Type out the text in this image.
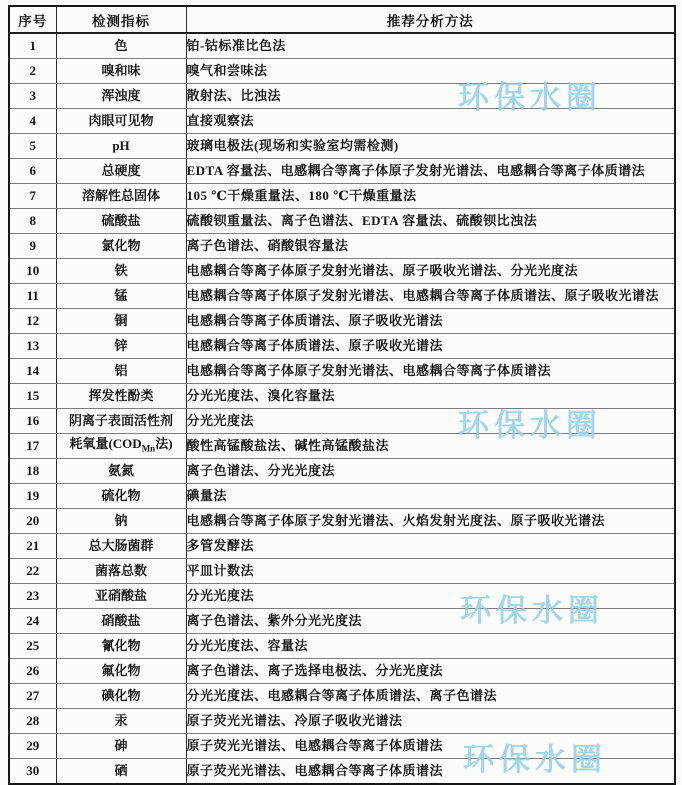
序号	检测指标	推荐分析方法
1	色	铂-钴标准比色法
2	嗅和味	嗅气和尝味法
3	浑浊度	散射法、比浊法
4	肉眼可见物	直接观察法
5	pH	玻璃电极法(现场和实验室均需检测)
6	总硬度	EDTA 容量法、电感耦合等离子体原子发射光谱法、电感耦合等离子体质谱法
7	溶解性总固体	105 ℃干燥重量法、180 ℃干燥重量法
8	硫酸盐	硫酸钡重量法、离子色谱法、EDTA 容量法、硫酸钡比浊法
9	氯化物	离子色谱法、硝酸银容量法
10	铁	电感耦合等离子体原子发射光谱法、原子吸收光谱法、分光光度法
11	锰	电感耦合等离子体原子发射光谱法、电感耦合等离子体质谱法、原子吸收光谱法
12	铜	电感耦合等离子体质谱法、原子吸收光谱法
13	锌	电感耦合等离子体质谱法、原子吸收光谱法
14	铝	电感耦合等离子体原子发射光谱法、电感耦合等离子体质谱法
15	挥发性酚类	分光光度法、溴化容量法
16	阴离子表面活性剂	分光光度法
17	耗氧量($COD_{Mn}$法)	酸性高锰酸盐法、碱性高锰酸盐法
18	氨氮	离子色谱法、分光光度法
19	硫化物	碘量法
20	钠	电感耦合等离子体原子发射光谱法、火焰发射光度法、原子吸收光谱法
21	总大肠菌群	多管发酵法
22	菌落总数	平皿计数法
23	亚硝酸盐	分光光度法
24	硝酸盐	离子色谱法、紫外分光光度法
25	氰化物	分光光度法、容量法
26	氟化物	离子色谱法、离子选择电极法、分光光度法
27	碘化物	分光光度法、电感耦合等离子体质谱法、离子色谱法
28	汞	原子荧光光谱法、冷原子吸收光谱法
29	砷	原子荧光光谱法、电感耦合等离子体质谱法
30	硒	原子荧光光谱法、电感耦合等离子体质谱法
环保水圈
环保水圈
环保水圈
环保水圈
